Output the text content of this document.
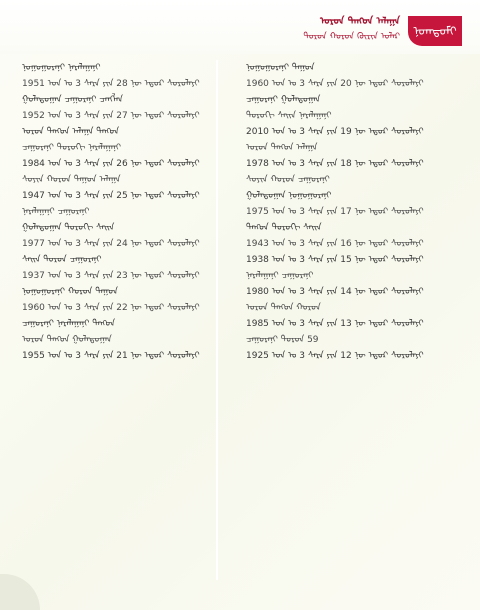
ᠣᠷᠣᠨ ᠳᠠᠩᠣᠨ ᠠᠯᠠᠭᠠ
ᠳᠤᠷᠣᠨ ᠬᠣᠷᠤᠨ ᠭᠦᠷᠢᠨ ᠣᠯᠡᠷ	ᠨᠤᠭᠳᠤᠮᠢ
ᠨᠣᠭᠣᠭᠣᠷᠠᠨᠢ ᠨᠠᠷᠠᠯᠠᠭᠠᠨᠢ
1951 ᠣᠨ ᠤ 3 ᠰᠠᠷᠠ ᠶᠢᠨ 28 ᠨᠦ ᠡᠳᠦᠷ ᠰᠤᠷᠤᠯᠠᠶᠢ
ᠭᠤᠯᠠᠳᠤᠭᠠᠨ ᠴᠠᠭᠣᠷᠠᠨᠢ ᠴᠠᠨᠭᠯᠠᠨ
1952 ᠣᠨ ᠤ 3 ᠰᠠᠷᠠ ᠶᠢᠨ 27 ᠨᠦ ᠡᠳᠦᠷ ᠰᠤᠷᠤᠯᠠᠶᠢ
ᠣᠷᠣᠨ ᠳᠠᠩᠣᠨ ᠠᠯᠠᠭᠠ ᠳᠠᠩᠤᠨ
ᠴᠠᠭᠣᠷᠠᠨᠢ ᠳᠣᠷᠣᠭᠢ ᠨᠠᠷᠠᠯᠠᠭᠠᠨᠢ
1984 ᠣᠨ ᠤ 3 ᠰᠠᠷᠠ ᠶᠢᠨ 26 ᠨᠦ ᠡᠳᠦᠷ ᠰᠤᠷᠤᠯᠠᠶᠢ
ᠰᠣᠶᠢᠨ ᠬᠣᠷᠤᠨ ᠳᠠᠭᠤᠨ ᠠᠯᠠᠭᠠ
1947 ᠣᠨ ᠤ 3 ᠰᠠᠷᠠ ᠶᠢᠨ 25 ᠨᠦ ᠡᠳᠦᠷ ᠰᠤᠷᠤᠯᠠᠶᠢ
ᠨᠠᠷᠠᠯᠠᠭᠠᠨᠢ ᠴᠠᠭᠣᠷᠠᠨᠢ
ᠭᠤᠯᠠᠳᠤᠭᠠᠨ ᠳᠣᠷᠣᠭᠢ ᠰᠠᠢᠨ
1977 ᠣᠨ ᠤ 3 ᠰᠠᠷᠠ ᠶᠢᠨ 24 ᠨᠦ ᠡᠳᠦᠷ ᠰᠤᠷᠤᠯᠠᠶᠢ
ᠰᠠᠢᠨ ᠳᠤᠷᠣᠨ ᠴᠠᠭᠣᠷᠠᠨᠢ
1937 ᠣᠨ ᠤ 3 ᠰᠠᠷᠠ ᠶᠢᠨ 23 ᠨᠦ ᠡᠳᠦᠷ ᠰᠤᠷᠤᠯᠠᠶᠢ
ᠨᠣᠭᠣᠭᠣᠷᠠᠨᠢ ᠬᠣᠷᠤᠨ ᠳᠠᠭᠤᠨ
1960 ᠣᠨ ᠤ 3 ᠰᠠᠷᠠ ᠶᠢᠨ 22 ᠨᠦ ᠡᠳᠦᠷ ᠰᠤᠷᠤᠯᠠᠶᠢ
ᠴᠠᠭᠣᠷᠠᠨᠢ ᠨᠠᠷᠠᠯᠠᠭᠠᠨᠢ ᠳᠠᠩᠤᠨ
ᠣᠷᠣᠨ ᠳᠠᠩᠣᠨ ᠭᠤᠯᠠᠳᠤᠭᠠᠨ
1955 ᠣᠨ ᠤ 3 ᠰᠠᠷᠠ ᠶᠢᠨ 21 ᠨᠦ ᠡᠳᠦᠷ ᠰᠤᠷᠤᠯᠠᠶᠢ
ᠨᠣᠭᠣᠭᠣᠷᠠᠨᠢ ᠳᠠᠭᠤᠨ
1960 ᠣᠨ ᠤ 3 ᠰᠠᠷᠠ ᠶᠢᠨ 20 ᠨᠦ ᠡᠳᠦᠷ ᠰᠤᠷᠤᠯᠠᠶᠢ
ᠴᠠᠭᠣᠷᠠᠨᠢ ᠭᠤᠯᠠᠳᠤᠭᠠᠨ
ᠳᠣᠷᠣᠭᠢ ᠰᠠᠢᠨ ᠨᠠᠷᠠᠯᠠᠭᠠᠨᠢ
2010 ᠣᠨ ᠤ 3 ᠰᠠᠷᠠ ᠶᠢᠨ 19 ᠨᠦ ᠡᠳᠦᠷ ᠰᠤᠷᠤᠯᠠᠶᠢ
ᠣᠷᠣᠨ ᠳᠠᠩᠣᠨ ᠠᠯᠠᠭᠠ
1978 ᠣᠨ ᠤ 3 ᠰᠠᠷᠠ ᠶᠢᠨ 18 ᠨᠦ ᠡᠳᠦᠷ ᠰᠤᠷᠤᠯᠠᠶᠢ
ᠰᠣᠶᠢᠨ ᠬᠣᠷᠤᠨ ᠴᠠᠭᠣᠷᠠᠨᠢ
ᠭᠤᠯᠠᠳᠤᠭᠠᠨ ᠨᠣᠭᠣᠭᠣᠷᠠᠨᠢ
1975 ᠣᠨ ᠤ 3 ᠰᠠᠷᠠ ᠶᠢᠨ 17 ᠨᠦ ᠡᠳᠦᠷ ᠰᠤᠷᠤᠯᠠᠶᠢ
ᠳᠠᠩᠤᠨ ᠳᠣᠷᠣᠭᠢ ᠰᠠᠢᠨ
1943 ᠣᠨ ᠤ 3 ᠰᠠᠷᠠ ᠶᠢᠨ 16 ᠨᠦ ᠡᠳᠦᠷ ᠰᠤᠷᠤᠯᠠᠶᠢ
1938 ᠣᠨ ᠤ 3 ᠰᠠᠷᠠ ᠶᠢᠨ 15 ᠨᠦ ᠡᠳᠦᠷ ᠰᠤᠷᠤᠯᠠᠶᠢ
ᠨᠠᠷᠠᠯᠠᠭᠠᠨᠢ ᠴᠠᠭᠣᠷᠠᠨᠢ
1980 ᠣᠨ ᠤ 3 ᠰᠠᠷᠠ ᠶᠢᠨ 14 ᠨᠦ ᠡᠳᠦᠷ ᠰᠤᠷᠤᠯᠠᠶᠢ
ᠣᠷᠣᠨ ᠳᠠᠩᠣᠨ ᠬᠣᠷᠤᠨ
1985 ᠣᠨ ᠤ 3 ᠰᠠᠷᠠ ᠶᠢᠨ 13 ᠨᠦ ᠡᠳᠦᠷ ᠰᠤᠷᠤᠯᠠᠶᠢ
ᠴᠠᠭᠣᠷᠠᠨᠢ ᠳᠤᠷᠣᠨ 59
1925 ᠣᠨ ᠤ 3 ᠰᠠᠷᠠ ᠶᠢᠨ 12 ᠨᠦ ᠡᠳᠦᠷ ᠰᠤᠷᠤᠯᠠᠶᠢ
